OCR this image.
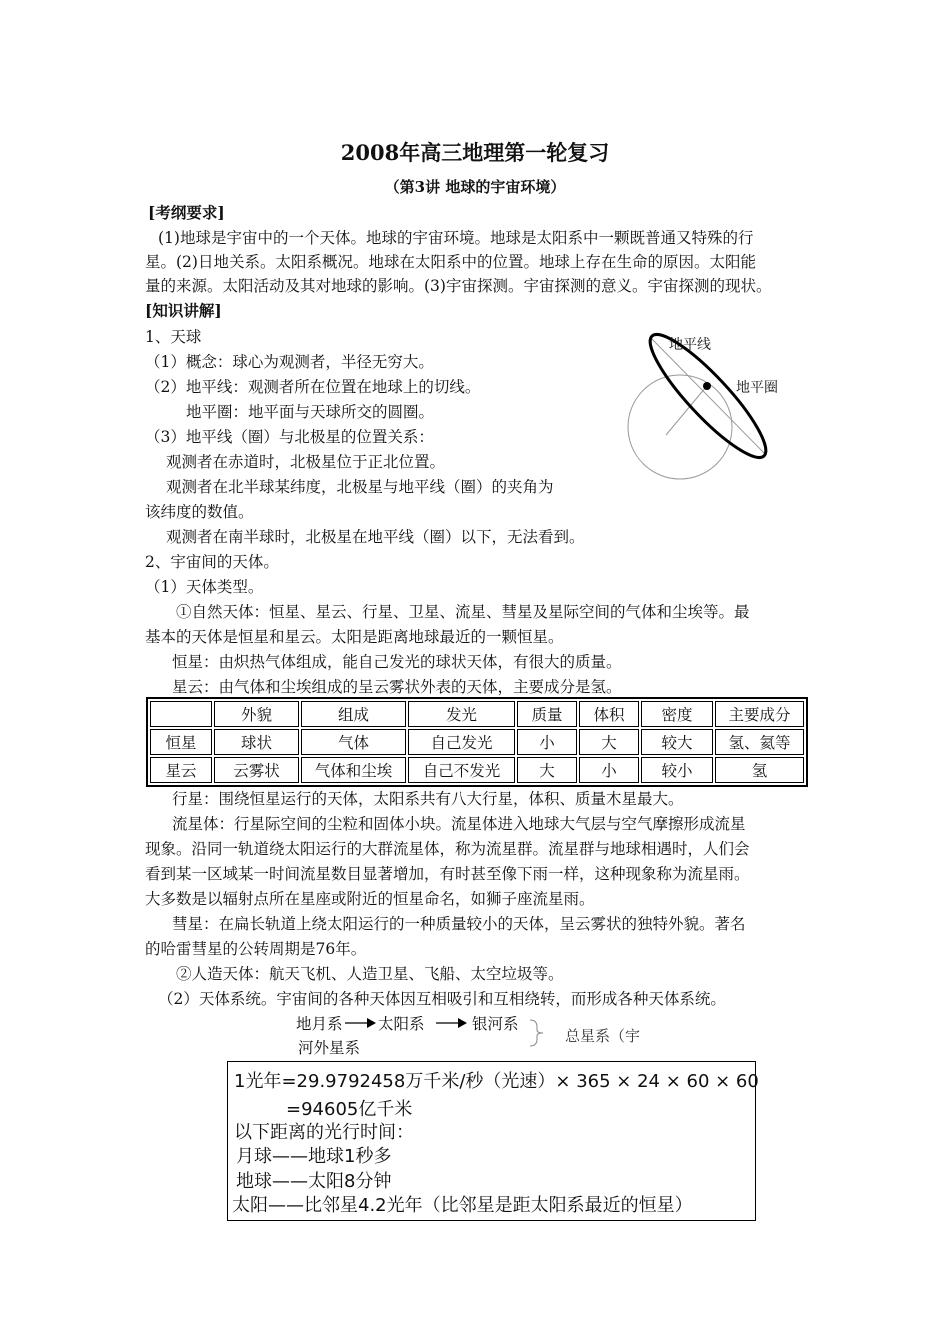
2008年高三地理第一轮复习
（第3讲 地球的宇宙环境）
[考纲要求]
(1)地球是宇宙中的一个天体。地球的宇宙环境。地球是太阳系中一颗既普通又特殊的行
星。(2)日地关系。太阳系概况。地球在太阳系中的位置。地球上存在生命的原因。太阳能
量的来源。太阳活动及其对地球的影响。(3)宇宙探测。宇宙探测的意义。宇宙探测的现状。
[知识讲解]
1、天球
（1）概念：球心为观测者，半径无穷大。
（2）地平线：观测者所在位置在地球上的切线。
地平圈：地平面与天球所交的圆圈。
（3）地平线（圈）与北极星的位置关系：
观测者在赤道时，北极星位于正北位置。
观测者在北半球某纬度，北极星与地平线（圈）的夹角为
该纬度的数值。
观测者在南半球时，北极星在地平线（圈）以下，无法看到。
2、宇宙间的天体。
（1）天体类型。
①自然天体：恒星、星云、行星、卫星、流星、彗星及星际空间的气体和尘埃等。最
基本的天体是恒星和星云。太阳是距离地球最近的一颗恒星。
恒星：由炽热气体组成，能自己发光的球状天体，有很大的质量。
星云：由气体和尘埃组成的呈云雾状外表的天体，主要成分是氢。
地平线
地平圈
	外貌	组成	发光	质量	体积	密度	主要成分
恒星	球状	气体	自己发光	小	大	较大	氢、氦等
星云	云雾状	气体和尘埃	自己不发光	大	小	较小	氢
行星：围绕恒星运行的天体，太阳系共有八大行星，体积、质量木星最大。
流星体：行星际空间的尘粒和固体小块。流星体进入地球大气层与空气摩擦形成流星
现象。沿同一轨道绕太阳运行的大群流星体，称为流星群。流星群与地球相遇时，人们会
看到某一区域某一时间流星数目显著增加，有时甚至像下雨一样，这种现象称为流星雨。
大多数是以辐射点所在星座或附近的恒星命名，如狮子座流星雨。
彗星：在扁长轨道上绕太阳运行的一种质量较小的天体，呈云雾状的独特外貌。著名
的哈雷彗星的公转周期是76年。
②人造天体：航天飞机、人造卫星、飞船、太空垃圾等。
（2）天体系统。宇宙间的各种天体因互相吸引和互相绕转，而形成各种天体系统。
地月系 太阳系	银河系
总星系（宇
河外星系
1光年=29.9792458万千米/秒（光速）× 365 × 24 × 60 × 60
=94605亿千米
以下距离的光行时间：
月球——地球1秒多
地球——太阳8分钟
太阳——比邻星4.2光年（比邻星是距太阳系最近的恒星）
